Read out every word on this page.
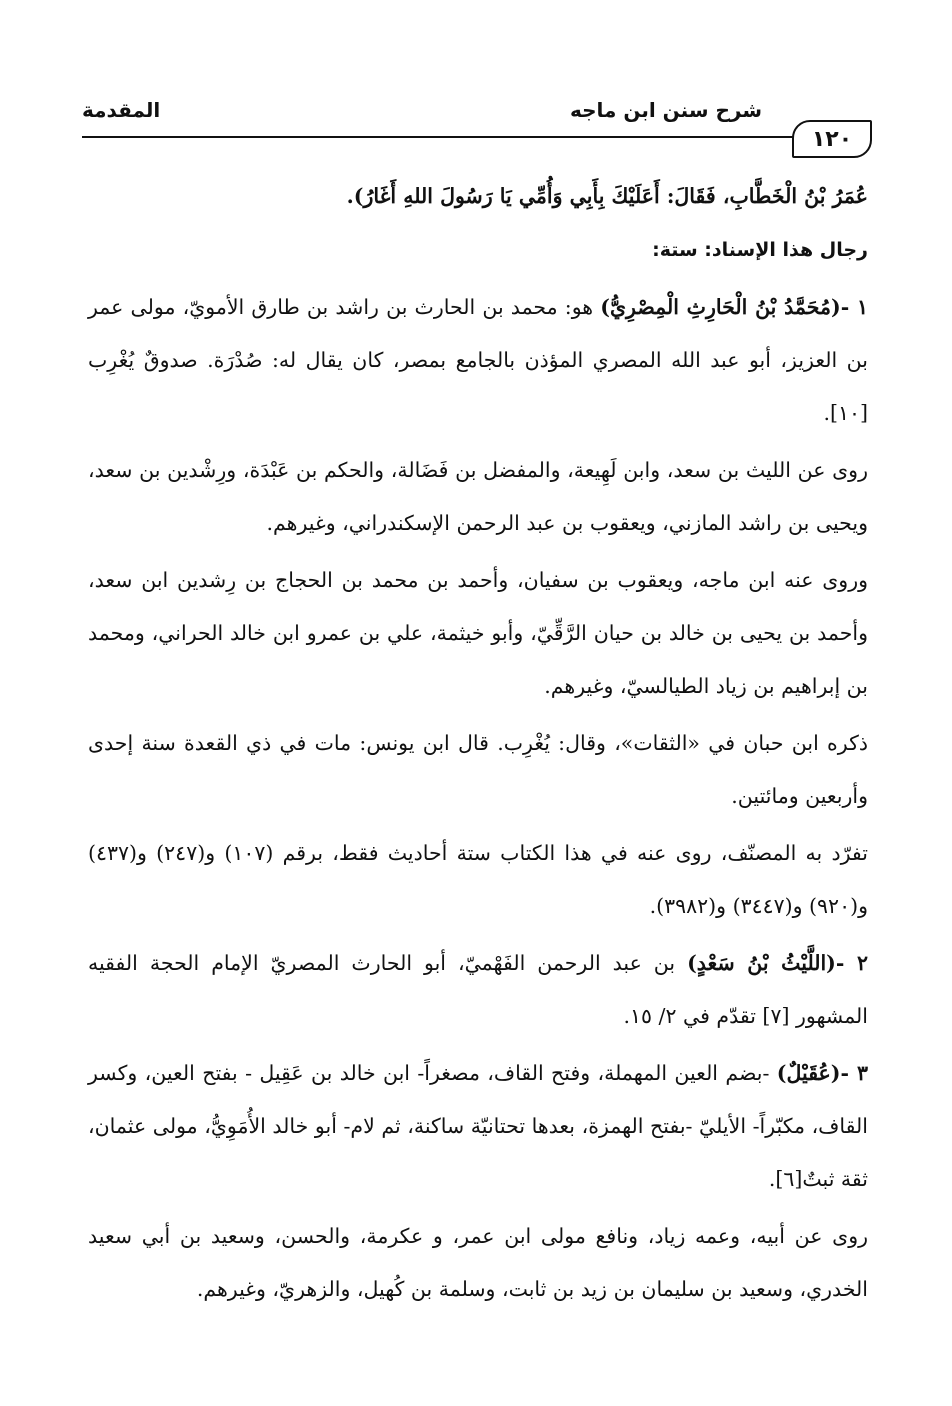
١٢٠
شرح سنن ابن ماجه
المقدمة

عُمَرُ بْنُ الْخَطَّابِ، فَقَالَ: أَعَلَيْكَ بِأَبِي وَأُمِّي يَا رَسُولَ اللهِ أَغَارُ).

رجال هذا الإسناد: ستة:

١ -(مُحَمَّدُ بْنُ الْحَارِثِ الْمِصْرِيُّ) هو: محمد بن الحارث بن راشد بن طارق الأمويّ، مولى عمر بن العزيز، أبو عبد الله المصري المؤذن بالجامع بمصر، كان يقال له: صُدْرَة. صدوقٌ يُغْرِب [١٠].

روى عن الليث بن سعد، وابن لَهِيعة، والمفضل بن فَضَالة، والحكم بن عَبْدَة، ورِشْدين بن سعد، ويحيى بن راشد المازني، ويعقوب بن عبد الرحمن الإسكندراني، وغيرهم.

وروى عنه ابن ماجه، ويعقوب بن سفيان، وأحمد بن محمد بن الحجاج بن رِشدين ابن سعد، وأحمد بن يحيى بن خالد بن حيان الرَّقِّيّ، وأبو خيثمة، علي بن عمرو ابن خالد الحراني، ومحمد بن إبراهيم بن زياد الطيالسيّ، وغيرهم.

ذكره ابن حبان في «الثقات»، وقال: يُغْرِب. قال ابن يونس: مات في ذي القعدة سنة إحدى وأربعين ومائتين.

تفرّد به المصنّف، روى عنه في هذا الكتاب ستة أحاديث فقط، برقم (١٠٧) و(٢٤٧) و(٤٣٧) و(٩٢٠) و(٣٤٤٧) و(٣٩٨٢).

٢ -(اللَّيْثُ بْنُ سَعْدٍ) بن عبد الرحمن الفَهْميّ، أبو الحارث المصريّ الإمام الحجة الفقيه المشهور [٧] تقدّم في ٢/ ١٥.

٣ -(عُقَيْلٌ) -بضم العين المهملة، وفتح القاف، مصغراً- ابن خالد بن عَقِيل - بفتح العين، وكسر القاف، مكبّراً- الأيليّ -بفتح الهمزة، بعدها تحتانيّة ساكنة، ثم لام- أبو خالد الأُمَوِيُّ، مولى عثمان، ثقة ثبتٌ[٦].

روى عن أبيه، وعمه زياد، ونافع مولى ابن عمر، و عكرمة، والحسن، وسعيد بن أبي سعيد الخدري، وسعيد بن سليمان بن زيد بن ثابت، وسلمة بن كُهيل، والزهريّ، وغيرهم.
